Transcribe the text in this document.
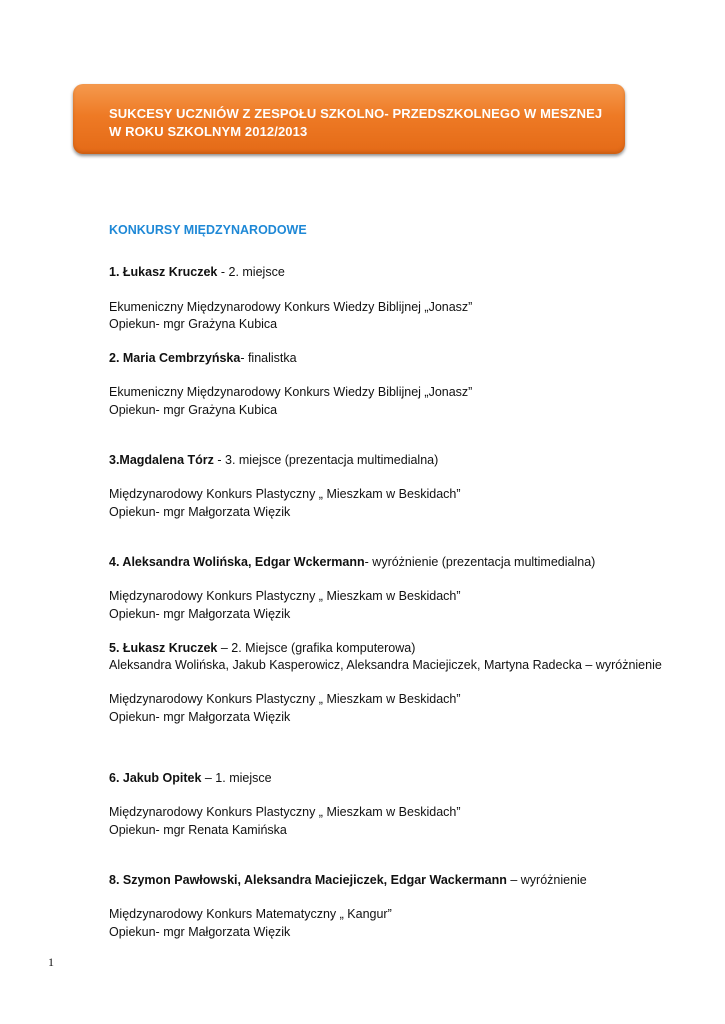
SUKCESY UCZNIÓW Z ZESPOŁU SZKOLNO- PRZEDSZKOLNEGO W MESZNEJ
W ROKU SZKOLNYM 2012/2013

KONKURSY MIĘDZYNARODOWE

1. Łukasz Kruczek - 2. miejsce

Ekumeniczny Międzynarodowy Konkurs Wiedzy Biblijnej „Jonasz”

Opiekun- mgr Grażyna Kubica

2. Maria Cembrzyńska- finalistka

Ekumeniczny Międzynarodowy Konkurs Wiedzy Biblijnej „Jonasz”

Opiekun- mgr Grażyna Kubica

3.Magdalena Tórz - 3. miejsce (prezentacja multimedialna)

Międzynarodowy Konkurs Plastyczny „ Mieszkam w Beskidach”

Opiekun- mgr Małgorzata Więzik

4. Aleksandra Wolińska, Edgar Wckermann- wyróżnienie (prezentacja multimedialna)

Międzynarodowy Konkurs Plastyczny „ Mieszkam w Beskidach”

Opiekun- mgr Małgorzata Więzik

5. Łukasz Kruczek – 2. Miejsce (grafika komputerowa)

Aleksandra Wolińska, Jakub Kasperowicz, Aleksandra Maciejiczek, Martyna Radecka – wyróżnienie

Międzynarodowy Konkurs Plastyczny „ Mieszkam w Beskidach”

Opiekun- mgr Małgorzata Więzik

6. Jakub Opitek – 1. miejsce

Międzynarodowy Konkurs Plastyczny „ Mieszkam w Beskidach”

Opiekun- mgr Renata Kamińska

8. Szymon Pawłowski, Aleksandra Maciejiczek, Edgar Wackermann – wyróżnienie

Międzynarodowy Konkurs Matematyczny „ Kangur”

Opiekun- mgr Małgorzata Więzik

1
